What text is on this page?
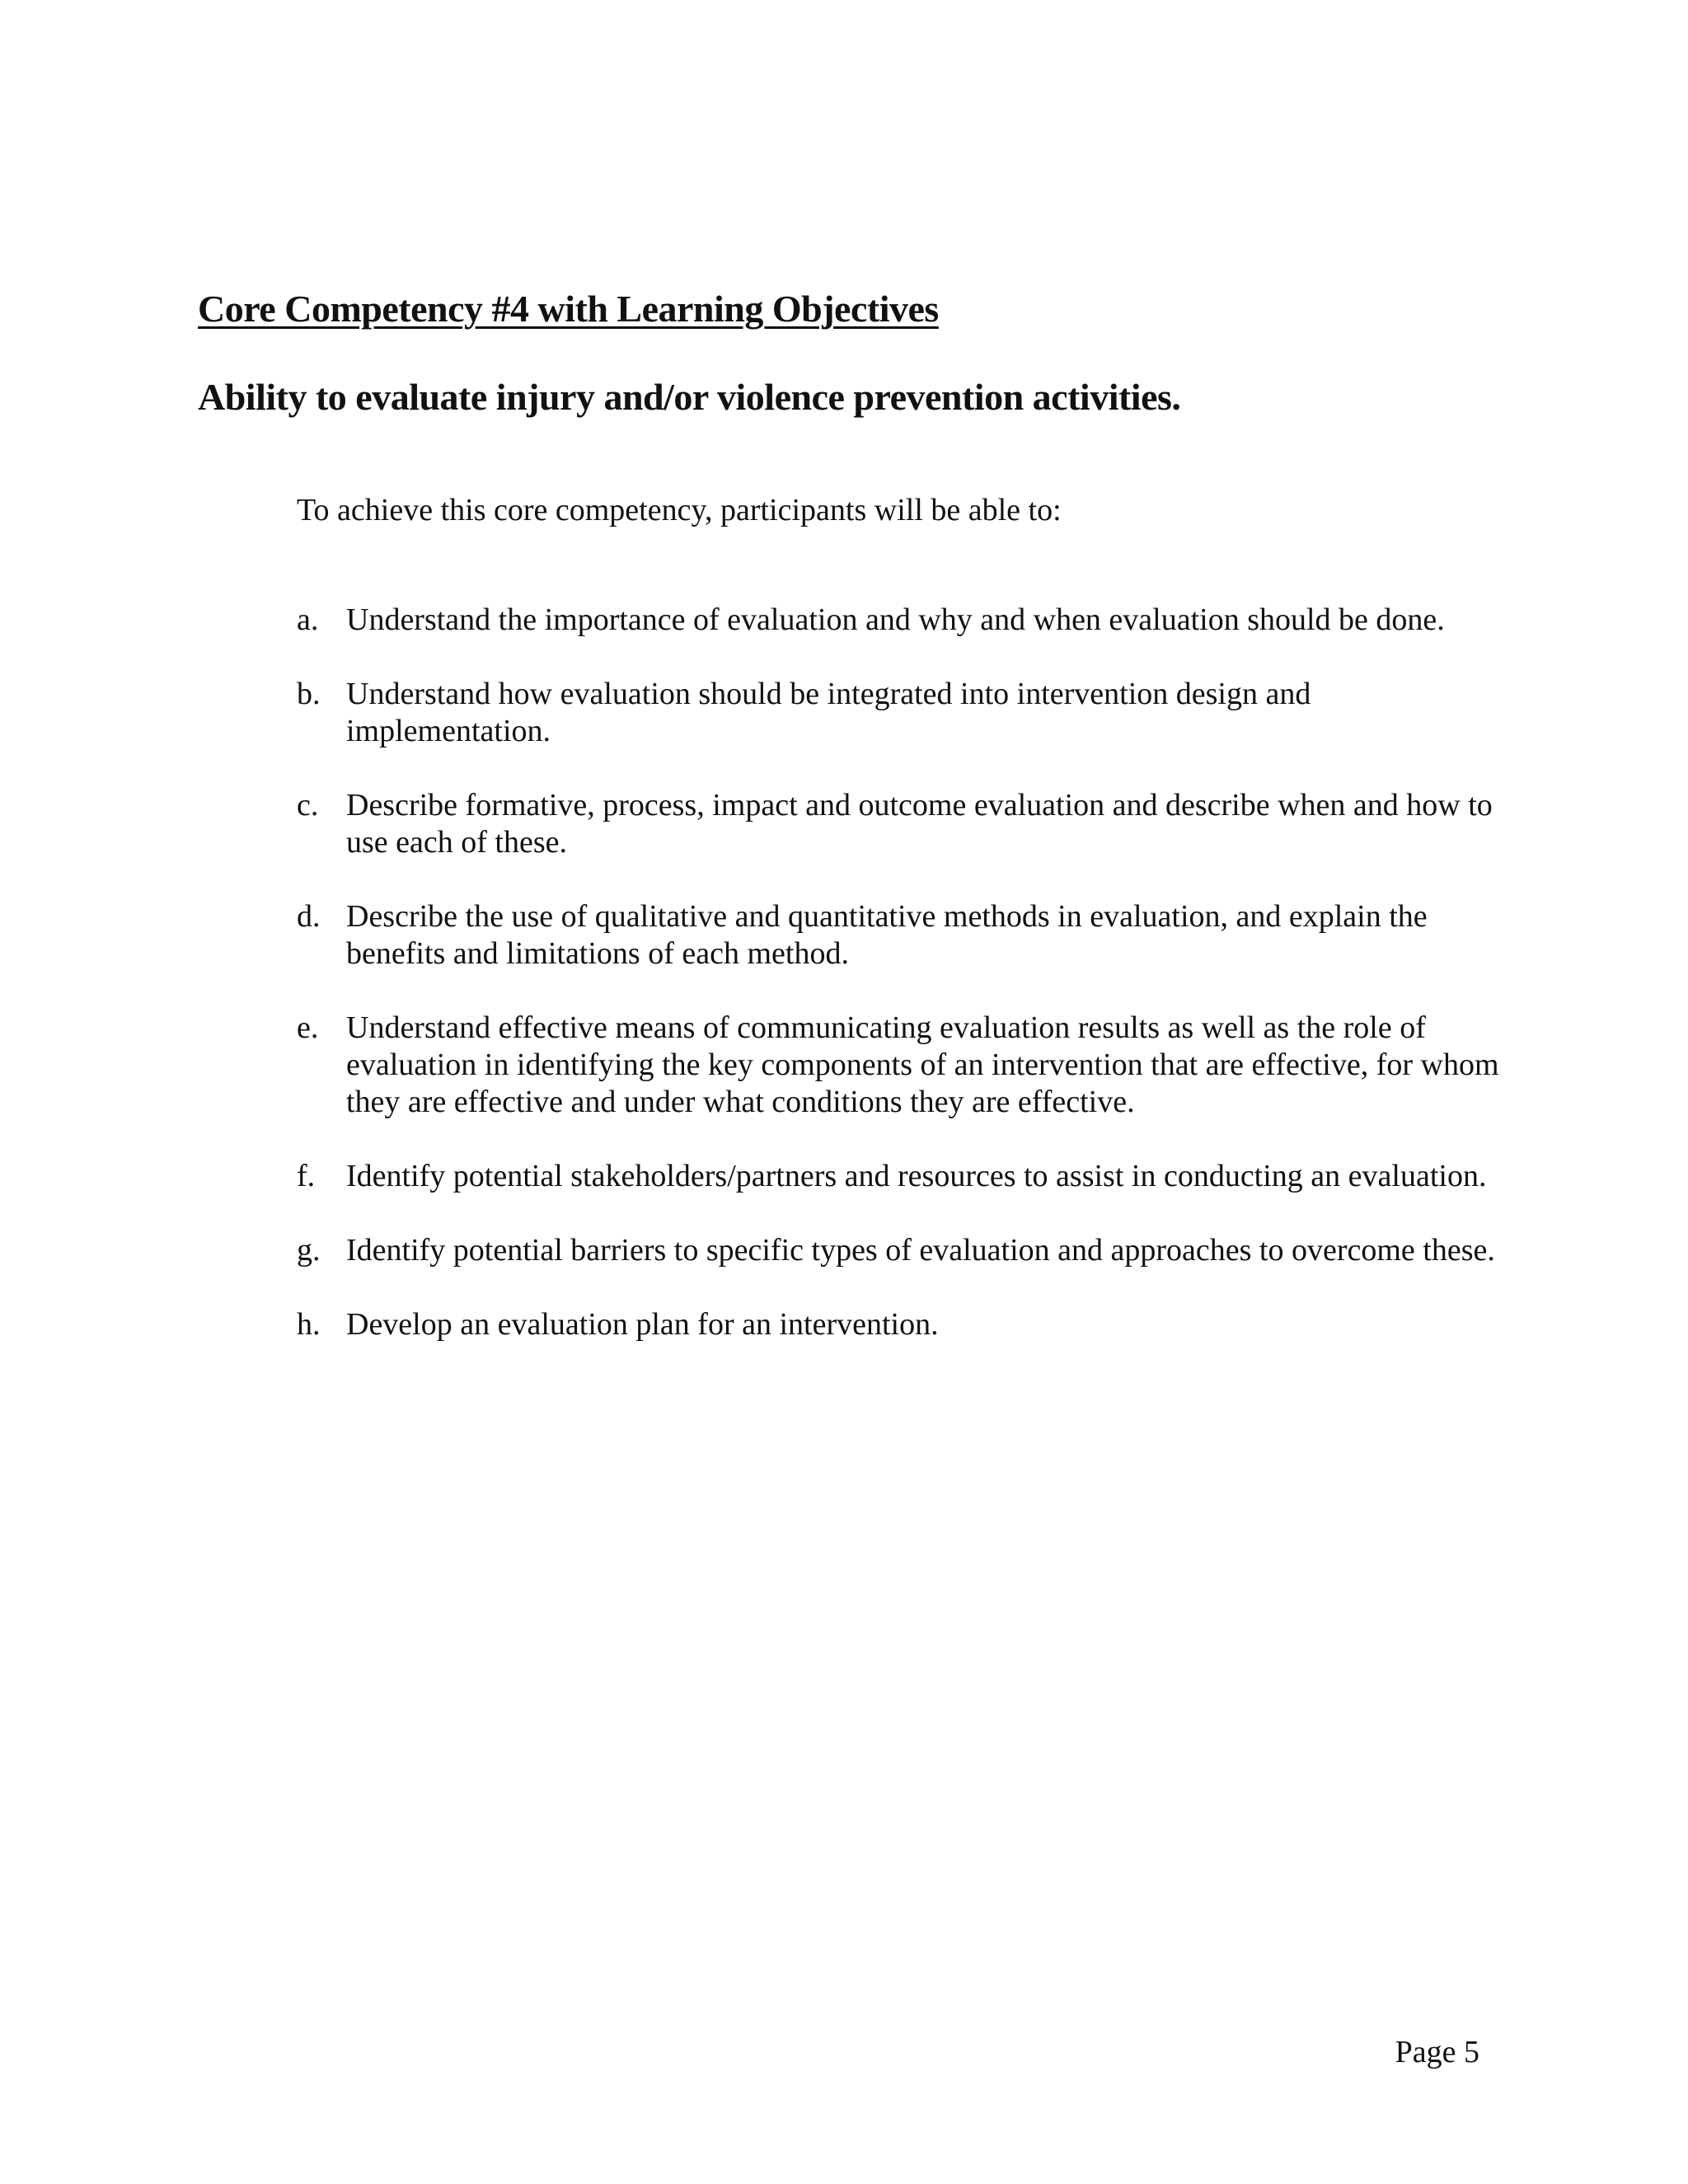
Core Competency #4 with Learning Objectives
Ability to evaluate injury and/or violence prevention activities.

To achieve this core competency, participants will be able to:

a. Understand the importance of evaluation and why and when evaluation should be done.
b. Understand how evaluation should be integrated into intervention design and implementation.
c. Describe formative, process, impact and outcome evaluation and describe when and how to use each of these.
d. Describe the use of qualitative and quantitative methods in evaluation, and explain the benefits and limitations of each method.
e. Understand effective means of communicating evaluation results as well as the role of evaluation in identifying the key components of an intervention that are effective, for whom they are effective and under what conditions they are effective.
f. Identify potential stakeholders/partners and resources to assist in conducting an evaluation.
g. Identify potential barriers to specific types of evaluation and approaches to overcome these.
h. Develop an evaluation plan for an intervention.

Page 5
